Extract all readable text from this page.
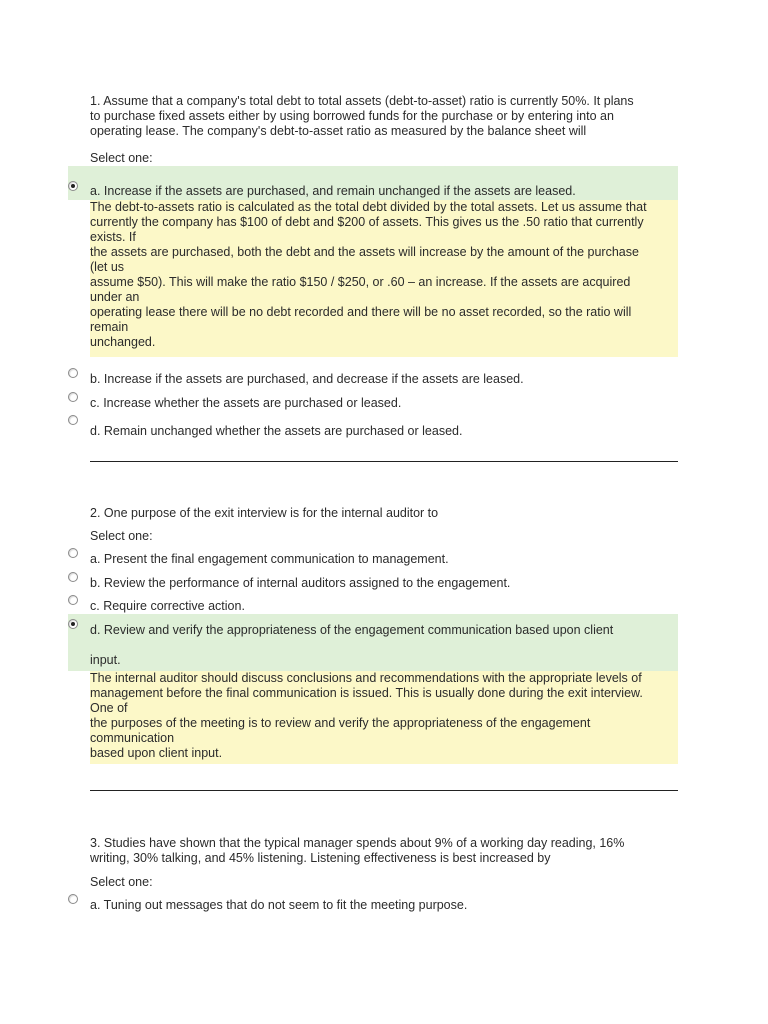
1. Assume that a company's total debt to total assets (debt-to-asset) ratio is currently 50%. It plans
to purchase fixed assets either by using borrowed funds for the purchase or by entering into an
operating lease. The company's debt-to-asset ratio as measured by the balance sheet will
Select one:
a. Increase if the assets are purchased, and remain unchanged if the assets are leased.
The debt-to-assets ratio is calculated as the total debt divided by the total assets. Let us assume that
currently the company has $100 of debt and $200 of assets. This gives us the .50 ratio that currently
exists. If
the assets are purchased, both the debt and the assets will increase by the amount of the purchase
(let us
assume $50). This will make the ratio $150 / $250, or .60 – an increase. If the assets are acquired
under an
operating lease there will be no debt recorded and there will be no asset recorded, so the ratio will
remain
unchanged.
b. Increase if the assets are purchased, and decrease if the assets are leased.
c. Increase whether the assets are purchased or leased.
d. Remain unchanged whether the assets are purchased or leased.
2. One purpose of the exit interview is for the internal auditor to
Select one:
a. Present the final engagement communication to management.
b. Review the performance of internal auditors assigned to the engagement.
c. Require corrective action.
d. Review and verify the appropriateness of the engagement communication based upon client

input.
The internal auditor should discuss conclusions and recommendations with the appropriate levels of
management before the final communication is issued. This is usually done during the exit interview.
One of
the purposes of the meeting is to review and verify the appropriateness of the engagement
communication
based upon client input.
3. Studies have shown that the typical manager spends about 9% of a working day reading, 16%
writing, 30% talking, and 45% listening. Listening effectiveness is best increased by
Select one:
a. Tuning out messages that do not seem to fit the meeting purpose.
